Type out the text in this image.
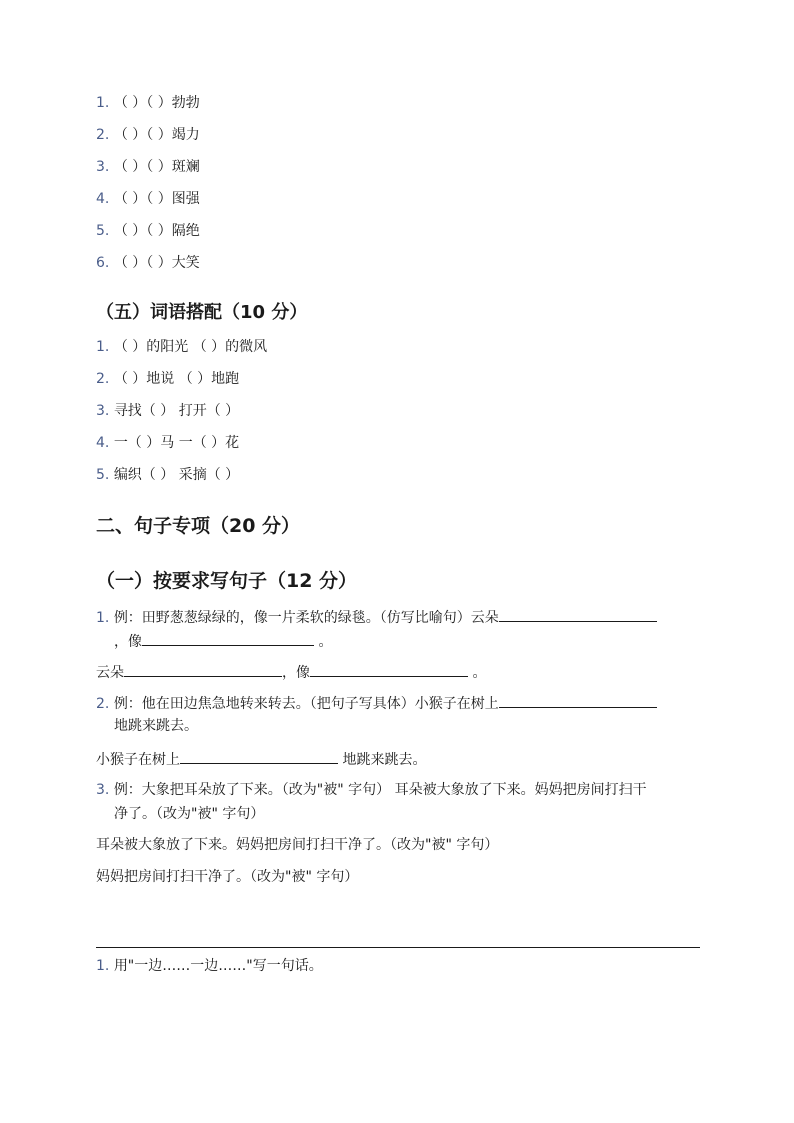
1. （ ）（ ）勃勃
2. （ ）（ ）竭力
3. （ ）（ ）斑斓
4. （ ）（ ）图强
5. （ ）（ ）隔绝
6. （ ）（ ）大笑
（五）词语搭配（10 分）
1. （ ）的阳光 （ ）的微风
2. （ ）地说 （ ）地跑
3. 寻找（ ） 打开（ ）
4. 一（ ）马 一（ ）花
5. 编织（ ） 采摘（ ）
二、句子专项（20 分）
（一）按要求写句子（12 分）
1. 例：田野葱葱绿绿的，像一片柔软的绿毯。（仿写比喻句）云朵
，像	。
云朵	，像	。
2. 例：他在田边焦急地转来转去。（把句子写具体）小猴子在树上
地跳来跳去。
小猴子在树上	地跳来跳去。
3. 例：大象把耳朵放了下来。（改为"被" 字句） 耳朵被大象放了下来。妈妈把房间打扫干
净了。（改为"被" 字句）
耳朵被大象放了下来。妈妈把房间打扫干净了。（改为"被" 字句）
妈妈把房间打扫干净了。（改为"被" 字句）
1. 用"一边……一边……"写一句话。
